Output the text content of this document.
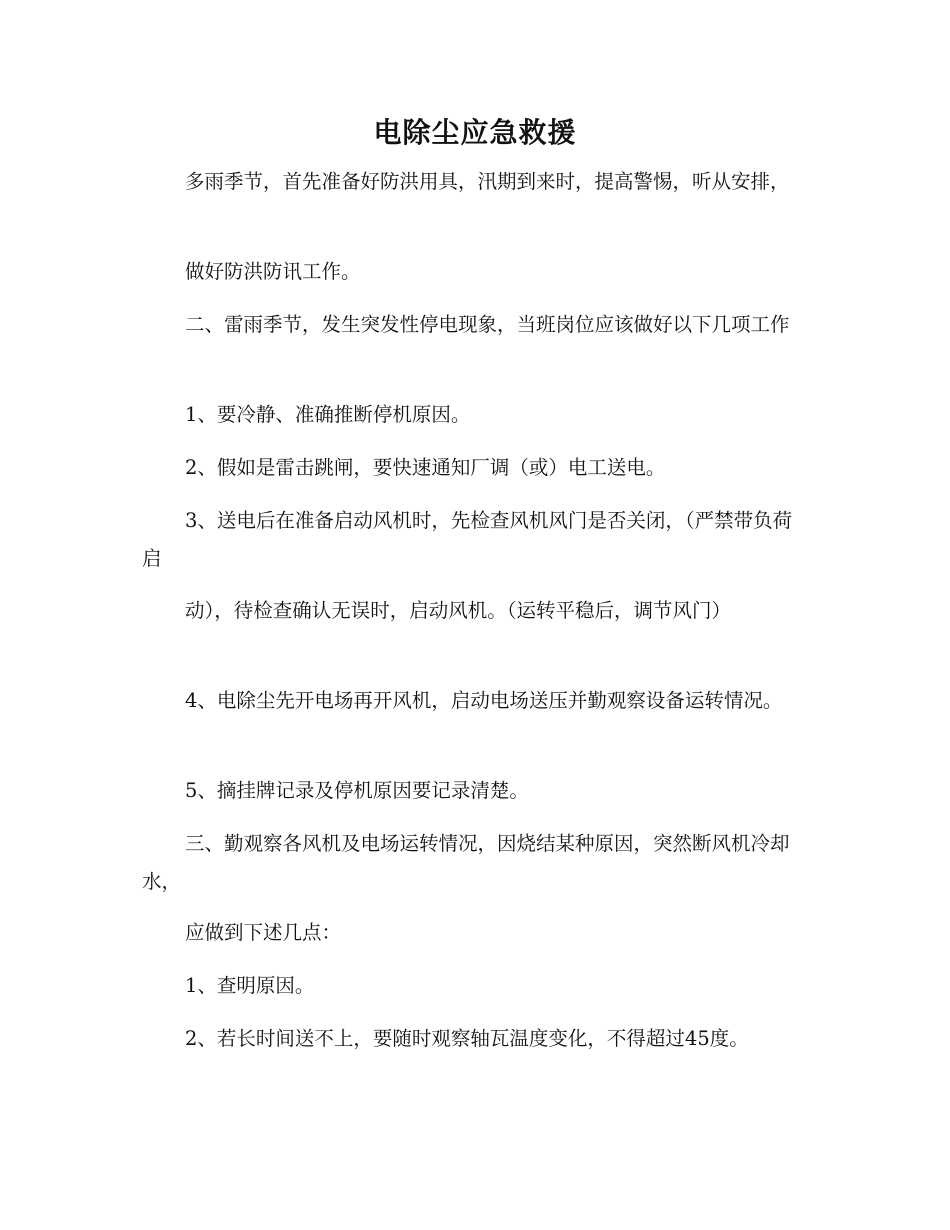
电除尘应急救援
多雨季节，首先准备好防洪用具，汛期到来时，提高警惕，听从安排，
做好防洪防讯工作。
二、雷雨季节，发生突发性停电现象，当班岗位应该做好以下几项工作
1、要冷静、准确推断停机原因。
2、假如是雷击跳闸，要快速通知厂调（或）电工送电。
3、送电后在准备启动风机时，先检查风机风门是否关闭，（严禁带负荷启
动），待检查确认无误时，启动风机。（运转平稳后，调节风门）
4、电除尘先开电场再开风机，启动电场送压并勤观察设备运转情况。
5、摘挂牌记录及停机原因要记录清楚。
三、勤观察各风机及电场运转情况，因烧结某种原因，突然断风机冷却水，
应做到下述几点：
1、查明原因。
2、若长时间送不上，要随时观察轴瓦温度变化，不得超过45度。
